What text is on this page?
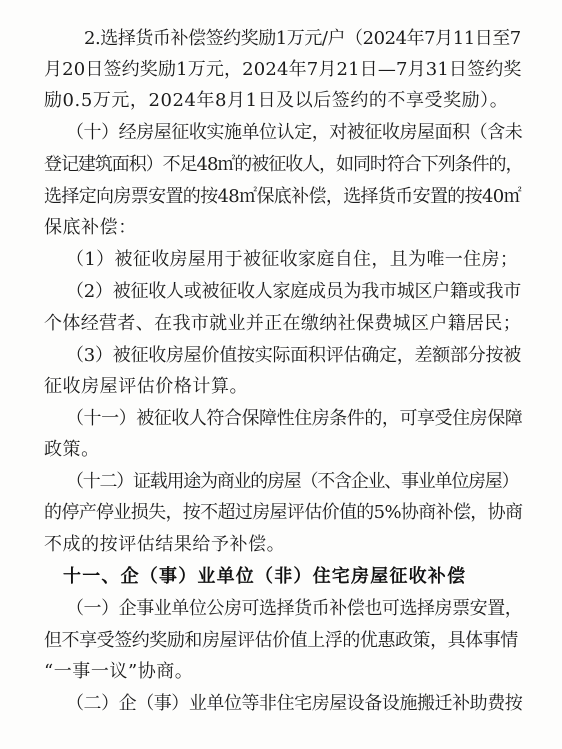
2.选择货币补偿签约奖励1万元/户（2024年7月11日至7
月20日签约奖励1万元，2024年7月21日—7月31日签约奖
励0.5万元，2024年8月1日及以后签约的不享受奖励）。
（十）经房屋征收实施单位认定，对被征收房屋面积（含未
登记建筑面积）不足48㎡的被征收人，如同时符合下列条件的，
选择定向房票安置的按48㎡保底补偿，选择货币安置的按40㎡
保底补偿：
（1）被征收房屋用于被征收家庭自住，且为唯一住房；
（2）被征收人或被征收人家庭成员为我市城区户籍或我市
个体经营者、在我市就业并正在缴纳社保费城区户籍居民；
（3）被征收房屋价值按实际面积评估确定，差额部分按被
征收房屋评估价格计算。
（十一）被征收人符合保障性住房条件的，可享受住房保障
政策。
（十二）证载用途为商业的房屋（不含企业、事业单位房屋）
的停产停业损失，按不超过房屋评估价值的5%协商补偿，协商
不成的按评估结果给予补偿。
十一、企（事）业单位（非）住宅房屋征收补偿
（一）企事业单位公房可选择货币补偿也可选择房票安置，
但不享受签约奖励和房屋评估价值上浮的优惠政策，具体事情
“一事一议”协商。
（二）企（事）业单位等非住宅房屋设备设施搬迁补助费按
